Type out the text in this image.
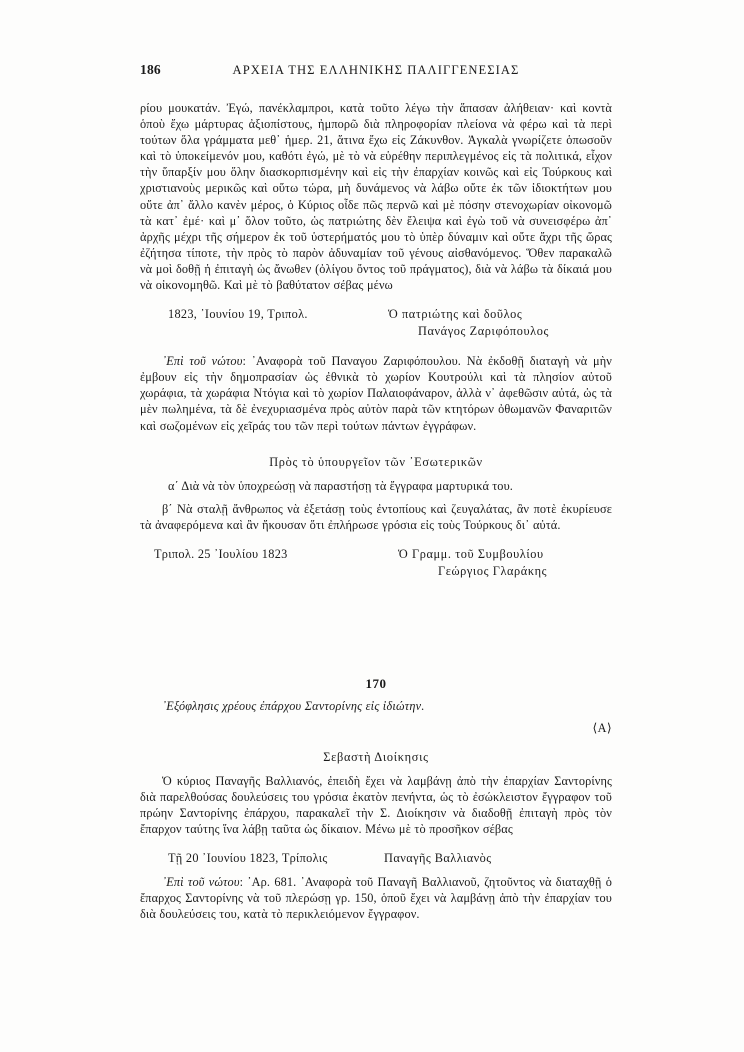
186	ΑΡΧΕΙΑ ΤΗΣ ΕΛΛΗΝΙΚΗΣ ΠΑΛΙΓΓΕΝΕΣΙΑΣ

ρίου μουκατάν. Ἐγώ, πανέκλαμπροι, κατὰ τοῦτο λέγω τὴν ἅπασαν ἀλήθειαν· καὶ κοντὰ ὁποὺ ἔχω μάρτυρας ἀξιοπίστους, ἠμπορῶ διὰ πληροφορίαν πλείονα νὰ φέρω καὶ τὰ περὶ τούτων ὅλα γράμματα μεθ᾽ ἡμερ. 21, ἅτινα ἔχω εἰς Ζάκυνθον. Ἀγκαλὰ γνωρίζετε ὁπωσοῦν καὶ τὸ ὑποκείμενόν μου, καθότι ἐγώ, μὲ τὸ νὰ εὑρέθην περιπλεγμένος εἰς τὰ πολιτικά, εἶχον τὴν ὕπαρξίν μου ὅλην διασκορπισμένην καὶ εἰς τὴν ἐπαρχίαν κοινῶς καὶ εἰς Τούρκους καὶ χριστιανοὺς μερικῶς καὶ οὕτω τώρα, μὴ δυνάμενος νὰ λάβω οὔτε ἐκ τῶν ἰδιοκτήτων μου οὔτε ἀπ᾽ ἄλλο κανὲν μέρος, ὁ Κύριος οἶδε πῶς περνῶ καὶ μὲ πόσην στενοχωρίαν οἰκονομῶ τὰ κατ᾽ ἐμέ· καὶ μ᾽ ὅλον τοῦτο, ὡς πατριώτης δὲν ἔλειψα καὶ ἐγὼ τοῦ νὰ συνεισφέρω ἀπ᾽ ἀρχῆς μέχρι τῆς σήμερον ἐκ τοῦ ὑστερήματός μου τὸ ὑπὲρ δύναμιν καὶ οὔτε ἄχρι τῆς ὥρας ἐζήτησα τίποτε, τὴν πρὸς τὸ παρὸν ἀδυναμίαν τοῦ γένους αἰσθανόμενος. Ὅθεν παρακαλῶ νὰ μοὶ δοθῇ ἡ ἐπιταγὴ ὡς ἄνωθεν (ὀλίγου ὄντος τοῦ πράγματος), διὰ νὰ λάβω τὰ δίκαιά μου νὰ οἰκονομηθῶ. Καὶ μὲ τὸ βαθύτατον σέβας μένω

1823, ᾽Ιουνίου 19, Τριπολ.	Ὁ πατριώτης καὶ δοῦλος
Πανάγος Ζαριφόπουλος

᾽Επὶ τοῦ νώτου: ᾽Αναφορὰ τοῦ Παναγου Ζαριφόπουλου. Νὰ ἐκδοθῇ διαταγὴ νὰ μὴν ἐμβουν εἰς τὴν δημοπρασίαν ὡς ἐθνικὰ τὸ χωρίον Κουτρούλι καὶ τὰ πλησίον αὐτοῦ χωράφια, τὰ χωράφια Ντόγια καὶ τὸ χωρίον Παλαιοφάναρον, ἀλλὰ ν᾽ ἀφεθῶσιν αὐτά, ὡς τὰ μὲν πωλημένα, τὰ δὲ ἐνεχυριασμένα πρὸς αὐτὸν παρὰ τῶν κτητόρων ὀθωμανῶν Φαναριτῶν καὶ σωζομένων εἰς χεῖράς του τῶν περὶ τούτων πάντων ἐγγράφων.

Πρὸς τὸ ὑπουργεῖον τῶν ᾽Εσωτερικῶν
α΄ Διὰ νὰ τὸν ὑποχρεώσῃ νὰ παραστήσῃ τὰ ἔγγραφα μαρτυρικά του.

β΄ Νὰ σταλῇ ἄνθρωπος νὰ ἐξετάσῃ τοὺς ἐντοπίους καὶ ζευγαλάτας, ἂν ποτὲ ἐκυρίευσε τὰ ἀναφερόμενα καὶ ἂν ἤκουσαν ὅτι ἐπλήρωσε γρόσια εἰς τοὺς Τούρκους δι᾽ αὐτά.

Τριπολ. 25 ᾽Ιουλίου 1823	Ὁ Γραμμ. τοῦ Συμβουλίου
Γεώργιος Γλαράκης
170
᾽Εξόφλησις χρέους ἐπάρχου Σαντορίνης εἰς ἰδιώτην.
⟨Α⟩
Σεβαστὴ Διοίκησις

Ὁ κύριος Παναγῆς Βαλλιανός, ἐπειδὴ ἔχει νὰ λαμβάνῃ ἀπὸ τὴν ἐπαρχίαν Σαντορίνης διὰ παρελθούσας δουλεύσεις του γρόσια ἑκατὸν πενήντα, ὡς τὸ ἐσώκλειστον ἔγγραφον τοῦ πρώην Σαντορίνης ἐπάρχου, παρακαλεῖ τὴν Σ. Διοίκησιν νὰ διαδοθῇ ἐπιταγὴ πρὸς τὸν ἔπαρχον ταύτης ἵνα λάβῃ ταῦτα ὡς δίκαιον. Μένω μὲ τὸ προσῆκον σέβας

Τῇ 20 ᾽Ιουνίου 1823, Τρίπολις	Παναγῆς Βαλλιανὸς

᾽Επὶ τοῦ νώτου: ᾽Αρ. 681. ᾽Αναφορὰ τοῦ Παναγῆ Βαλλιανοῦ, ζητοῦντος νὰ διαταχθῇ ὁ ἔπαρχος Σαντορίνης νὰ τοῦ πλερώσῃ γρ. 150, ὁποῦ ἔχει νὰ λαμβάνῃ ἀπὸ τὴν ἐπαρχίαν του διὰ δουλεύσεις του, κατὰ τὸ περικλειόμενον ἔγγραφον.
